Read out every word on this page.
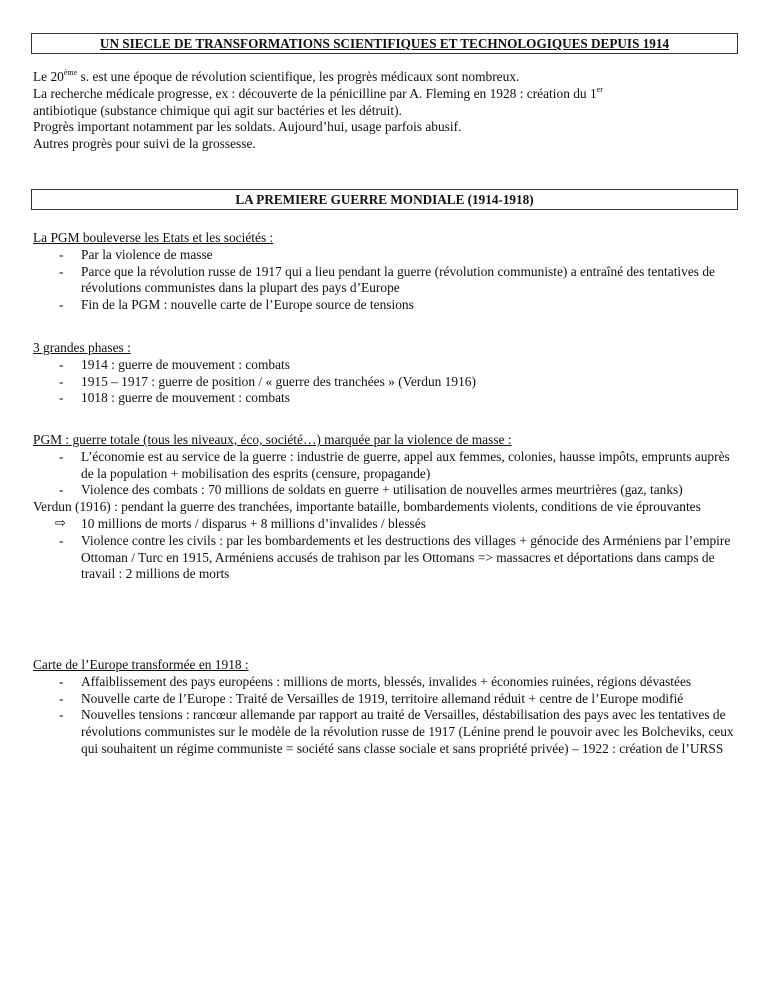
UN SIECLE DE TRANSFORMATIONS SCIENTIFIQUES ET TECHNOLOGIQUES DEPUIS 1914

Le 20ème s. est une époque de révolution scientifique, les progrès médicaux sont nombreux.

La recherche médicale progresse, ex : découverte de la pénicilline par A. Fleming en 1928 : création du 1er

antibiotique (substance chimique qui agit sur bactéries et les détruit).

Progrès important notamment par les soldats. Aujourd’hui, usage parfois abusif.

Autres progrès pour suivi de la grossesse.

LA PREMIERE GUERRE MONDIALE (1914-1918)

La PGM bouleverse les Etats et les sociétés :

- Par la violence de masse
- Parce que la révolution russe de 1917 qui a lieu pendant la guerre (révolution communiste) a entraîné des tentatives de révolutions communistes dans la plupart des pays d’Europe
- Fin de la PGM : nouvelle carte de l’Europe source de tensions

3 grandes phases :

- 1914 : guerre de mouvement : combats
- 1915 – 1917 : guerre de position / « guerre des tranchées » (Verdun 1916)
- 1018 : guerre de mouvement : combats

PGM : guerre totale (tous les niveaux, éco, société…) marquée par la violence de masse :

- L’économie est au service de la guerre : industrie de guerre, appel aux femmes, colonies, hausse impôts, emprunts auprès de la population + mobilisation des esprits (censure, propagande)
- Violence des combats : 70 millions de soldats en guerre + utilisation de nouvelles armes meurtrières (gaz, tanks)

Verdun (1916) : pendant la guerre des tranchées, importante bataille, bombardements violents, conditions de vie éprouvantes

⇨ 10 millions de morts / disparus + 8 millions d’invalides / blessés
- Violence contre les civils : par les bombardements et les destructions des villages + génocide des Arméniens par l’empire Ottoman / Turc en 1915, Arméniens accusés de trahison par les Ottomans => massacres et déportations dans camps de travail : 2 millions de morts

Carte de l’Europe transformée en 1918 :

- Affaiblissement des pays européens : millions de morts, blessés, invalides + économies ruinées, régions dévastées
- Nouvelle carte de l’Europe : Traité de Versailles de 1919, territoire allemand réduit + centre de l’Europe modifié
- Nouvelles tensions : rancœur allemande par rapport au traité de Versailles, déstabilisation des pays avec les tentatives de révolutions communistes sur le modèle de la révolution russe de 1917 (Lénine prend le pouvoir avec les Bolcheviks, ceux qui souhaitent un régime communiste = société sans classe sociale et sans propriété privée) – 1922 : création de l’URSS
